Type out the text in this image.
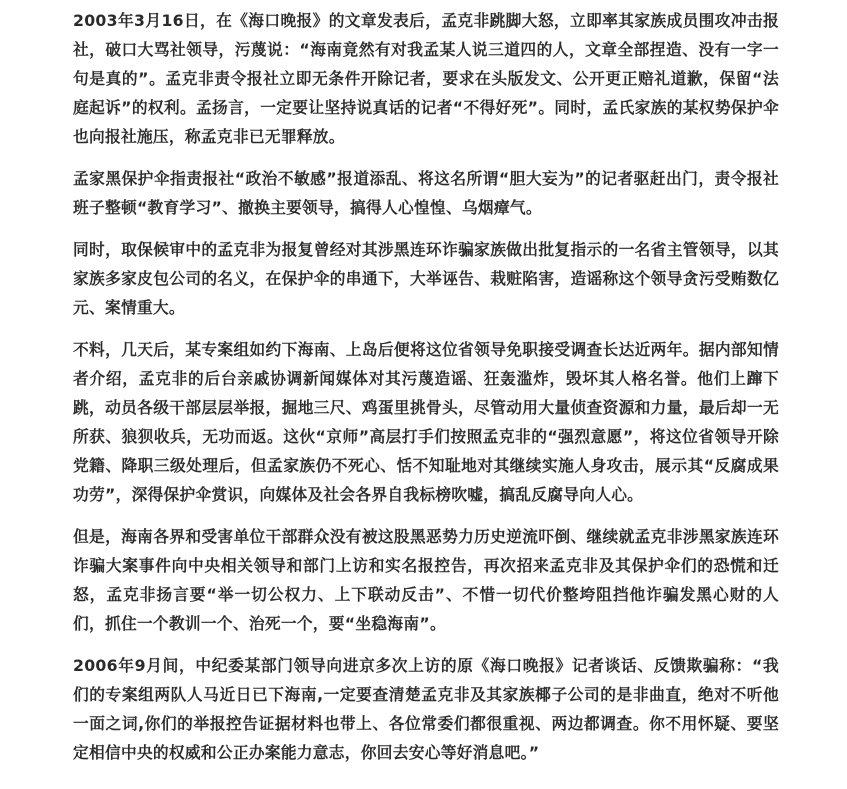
2003年3月16日，在《海口晚报》的文章发表后，孟克非跳脚大怒，立即率其家族成员围攻冲击报社，破口大骂社领导，污蔑说：“海南竟然有对我孟某人说三道四的人，文章全部捏造、没有一字一句是真的”。孟克非责令报社立即无条件开除记者，要求在头版发文、公开更正赔礼道歉，保留“法庭起诉”的权利。孟扬言，一定要让坚持说真话的记者“不得好死”。同时，孟氏家族的某权势保护伞也向报社施压，称孟克非已无罪释放。

孟家黑保护伞指责报社“政治不敏感”报道添乱、将这名所谓“胆大妄为”的记者驱赶出门，责令报社班子整顿“教育学习”、撤换主要领导，搞得人心惶惶、乌烟瘴气。

同时，取保候审中的孟克非为报复曾经对其涉黑连环诈骗家族做出批复指示的一名省主管领导，以其家族多家皮包公司的名义，在保护伞的串通下，大举诬告、栽赃陷害，造谣称这个领导贪污受贿数亿元、案情重大。

不料，几天后，某专案组如约下海南、上岛后便将这位省领导免职接受调查长达近两年。据内部知情者介绍，孟克非的后台亲戚协调新闻媒体对其污蔑造谣、狂轰滥炸，毁坏其人格名誉。他们上蹿下跳，动员各级干部层层举报，掘地三尺、鸡蛋里挑骨头，尽管动用大量侦查资源和力量，最后却一无所获、狼狈收兵，无功而返。这伙“京师”高层打手们按照孟克非的“强烈意愿”，将这位省领导开除党籍、降职三级处理后，但孟家族仍不死心、恬不知耻地对其继续实施人身攻击，展示其“反腐成果功劳”，深得保护伞赏识，向媒体及社会各界自我标榜吹嘘，搞乱反腐导向人心。

但是，海南各界和受害单位干部群众没有被这股黑恶势力历史逆流吓倒、继续就孟克非涉黑家族连环诈骗大案事件向中央相关领导和部门上访和实名报控告，再次招来孟克非及其保护伞们的恐慌和迁怒，孟克非扬言要“举一切公权力、上下联动反击”、不惜一切代价整垮阻挡他诈骗发黑心财的人们，抓住一个教训一个、治死一个，要“坐稳海南”。

2006年9月间，中纪委某部门领导向进京多次上访的原《海口晚报》记者谈话、反馈欺骗称：“我们的专案组两队人马近日已下海南,一定要查清楚孟克非及其家族椰子公司的是非曲直，绝对不听他一面之词,你们的举报控告证据材料也带上、各位常委们都很重视、两边都调查。你不用怀疑、要坚定相信中央的权威和公正办案能力意志，你回去安心等好消息吧。”
